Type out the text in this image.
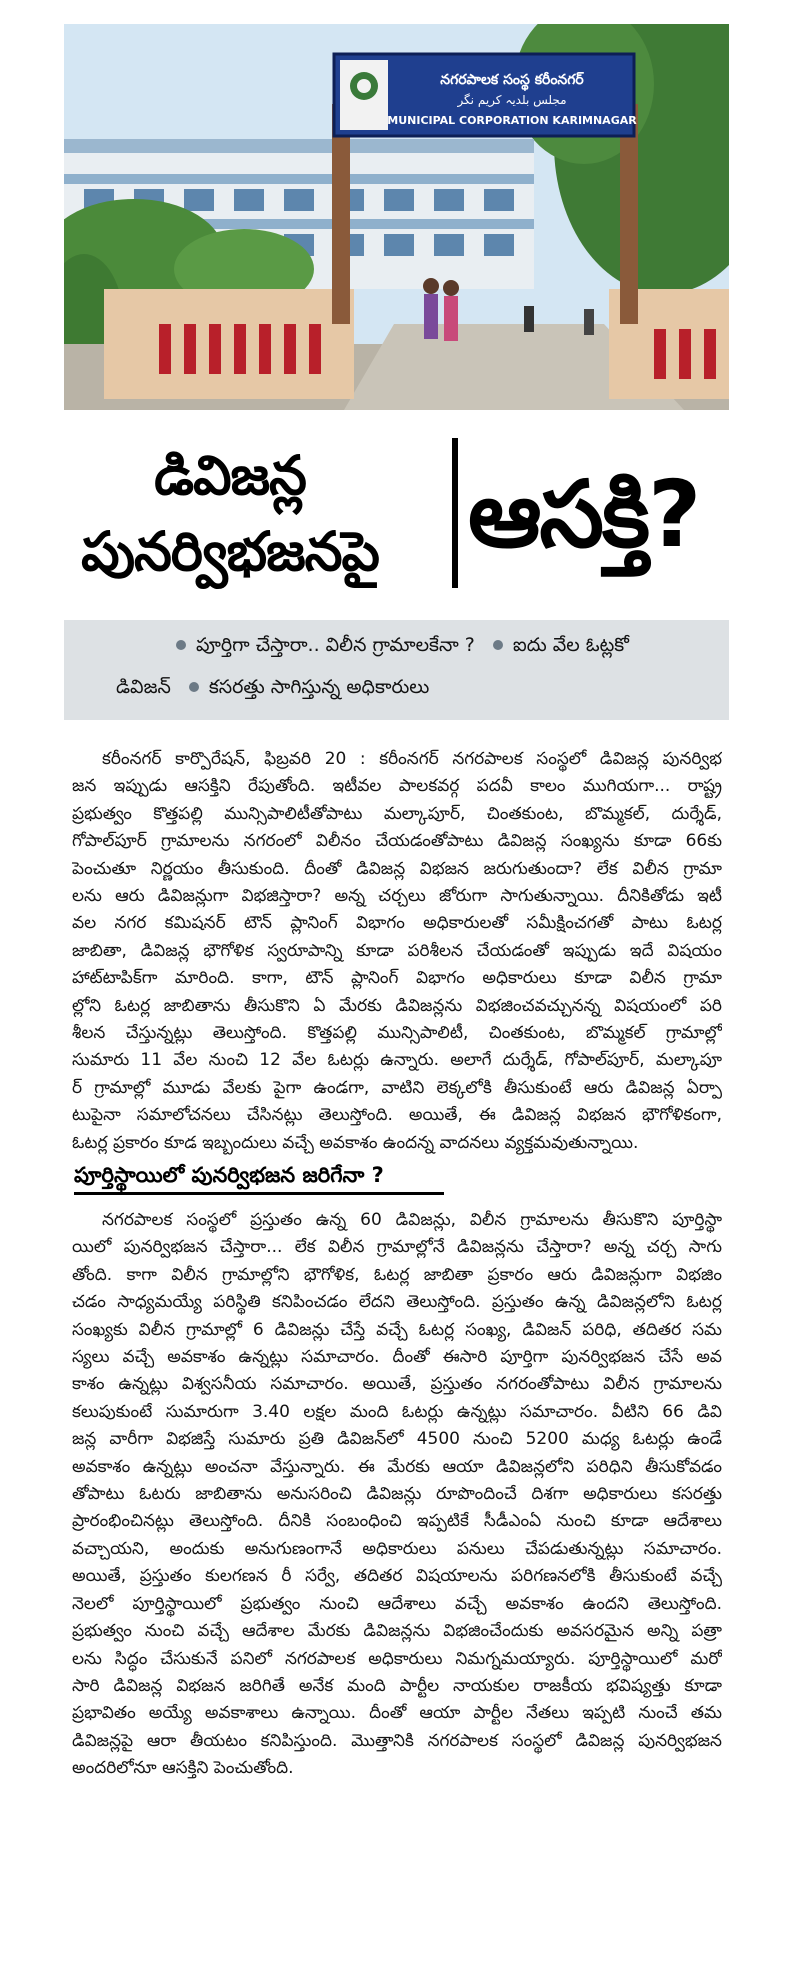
నగరపాలక సంస్థ కరీంనగర్
مجلس بلدیہ کریم نگر
MUNICIPAL CORPORATION KARIMNAGAR
డివిజన్ల
పునర్విభజనపై ఆసక్తి?
పూర్తిగా చేస్తారా.. విలీన గ్రామాలకేనా ? ఐదు వేల ఓట్లకో
డివిజన్ కసరత్తు సాగిస్తున్న అధికారులు
కరీంనగర్ కార్పొరేషన్, ఫిబ్రవరి 20 : కరీంనగర్ నగరపాలక సంస్థలో డివిజన్ల పునర్విభ
జన ఇప్పుడు ఆసక్తిని రేపుతోంది. ఇటీవల పాలకవర్గ పదవీ కాలం ముగియగా... రాష్ట్ర
ప్రభుత్వం కొత్తపల్లి మున్సిపాలిటీతోపాటు మల్కాపూర్, చింతకుంట, బొమ్మకల్, దుర్శేడ్,
గోపాల్‌పూర్ గ్రామాలను నగరంలో విలీనం చేయడంతోపాటు డివిజన్ల సంఖ్యను కూడా 66కు
పెంచుతూ నిర్ణయం తీసుకుంది. దీంతో డివిజన్ల విభజన జరుగుతుందా? లేక విలీన గ్రామా
లను ఆరు డివిజన్లుగా విభజిస్తారా? అన్న చర్చలు జోరుగా సాగుతున్నాయి. దీనికితోడు ఇటీ
వల నగర కమిషనర్ టౌన్ ప్లానింగ్ విభాగం అధికారులతో సమీక్షించగతో పాటు ఓటర్ల
జాబితా, డివిజన్ల భౌగోళిక స్వరూపాన్ని కూడా పరిశీలన చేయడంతో ఇప్పుడు ఇదే విషయం
హాట్‌టాపిక్‌గా మారింది. కాగా, టౌన్ ప్లానింగ్ విభాగం అధికారులు కూడా విలీన గ్రామా
ల్లోని ఓటర్ల జాబితాను తీసుకొని ఏ మేరకు డివిజన్లను విభజించవచ్చునన్న విషయంలో పరి
శీలన చేస్తున్నట్లు తెలుస్తోంది. కొత్తపల్లి మున్సిపాలిటీ, చింతకుంట, బొమ్మకల్ గ్రామాల్లో
సుమారు 11 వేల నుంచి 12 వేల ఓటర్లు ఉన్నారు. అలాగే దుర్శేడ్, గోపాల్‌పూర్, మల్కాపూ
ర్ గ్రామాల్లో మూడు వేలకు పైగా ఉండగా, వాటిని లెక్కలోకి తీసుకుంటే ఆరు డివిజన్ల ఏర్పా
టుపైనా సమాలోచనలు చేసినట్లు తెలుస్తోంది. అయితే, ఈ డివిజన్ల విభజన భౌగోళికంగా,
ఓటర్ల ప్రకారం కూడ ఇబ్బందులు వచ్చే అవకాశం ఉందన్న వాదనలు వ్యక్తమవుతున్నాయి.
పూర్తిస్థాయిలో పునర్విభజన జరిగేనా ?
నగరపాలక సంస్థలో ప్రస్తుతం ఉన్న 60 డివిజన్లు, విలీన గ్రామాలను తీసుకొని పూర్తిస్థా
యిలో పునర్విభజన చేస్తారా... లేక విలీన గ్రామాల్లోనే డివిజన్లను చేస్తారా? అన్న చర్చ సాగు
తోంది. కాగా విలీన గ్రామాల్లోని భౌగోళిక, ఓటర్ల జాబితా ప్రకారం ఆరు డివిజన్లుగా విభజిం
చడం సాధ్యమయ్యే పరిస్థితి కనిపించడం లేదని తెలుస్తోంది. ప్రస్తుతం ఉన్న డివిజన్లలోని ఓటర్ల
సంఖ్యకు విలీన గ్రామాల్లో 6 డివిజన్లు చేస్తే వచ్చే ఓటర్ల సంఖ్య, డివిజన్ పరిధి, తదితర సమ
స్యలు వచ్చే అవకాశం ఉన్నట్లు సమాచారం. దీంతో ఈసారి పూర్తిగా పునర్విభజన చేసే అవ
కాశం ఉన్నట్లు విశ్వసనీయ సమాచారం. అయితే, ప్రస్తుతం నగరంతోపాటు విలీన గ్రామాలను
కలుపుకుంటే సుమారుగా 3.40 లక్షల మంది ఓటర్లు ఉన్నట్లు సమాచారం. వీటిని 66 డివి
జన్ల వారీగా విభజిస్తే సుమారు ప్రతి డివిజన్‌లో 4500 నుంచి 5200 మధ్య ఓటర్లు ఉండే
అవకాశం ఉన్నట్లు అంచనా వేస్తున్నారు. ఈ మేరకు ఆయా డివిజన్లలోని పరిధిని తీసుకోవడం
తోపాటు ఓటరు జాబితాను అనుసరించి డివిజన్లు రూపొందించే దిశగా అధికారులు కసరత్తు
ప్రారంభించినట్లు తెలుస్తోంది. దీనికి సంబంధించి ఇప్పటికే సీడీఎంఏ నుంచి కూడా ఆదేశాలు
వచ్చాయని, అందుకు అనుగుణంగానే అధికారులు పనులు చేపడుతున్నట్లు సమాచారం.
అయితే, ప్రస్తుతం కులగణన రీ సర్వే, తదితర విషయాలను పరిగణనలోకి తీసుకుంటే వచ్చే
నెలలో పూర్తిస్థాయిలో ప్రభుత్వం నుంచి ఆదేశాలు వచ్చే అవకాశం ఉందని తెలుస్తోంది.
ప్రభుత్వం నుంచి వచ్చే ఆదేశాల మేరకు డివిజన్లను విభజించేందుకు అవసరమైన అన్ని పత్రా
లను సిద్ధం చేసుకునే పనిలో నగరపాలక అధికారులు నిమగ్నమయ్యారు. పూర్తిస్థాయిలో మరో
సారి డివిజన్ల విభజన జరిగితే అనేక మంది పార్టీల నాయకుల రాజకీయ భవిష్యత్తు కూడా
ప్రభావితం అయ్యే అవకాశాలు ఉన్నాయి. దీంతో ఆయా పార్టీల నేతలు ఇప్పటి నుంచే తమ
డివిజన్లపై ఆరా తీయటం కనిపిస్తుంది. మొత్తానికి నగరపాలక సంస్థలో డివిజన్ల పునర్విభజన
అందరిలోనూ ఆసక్తిని పెంచుతోంది.
